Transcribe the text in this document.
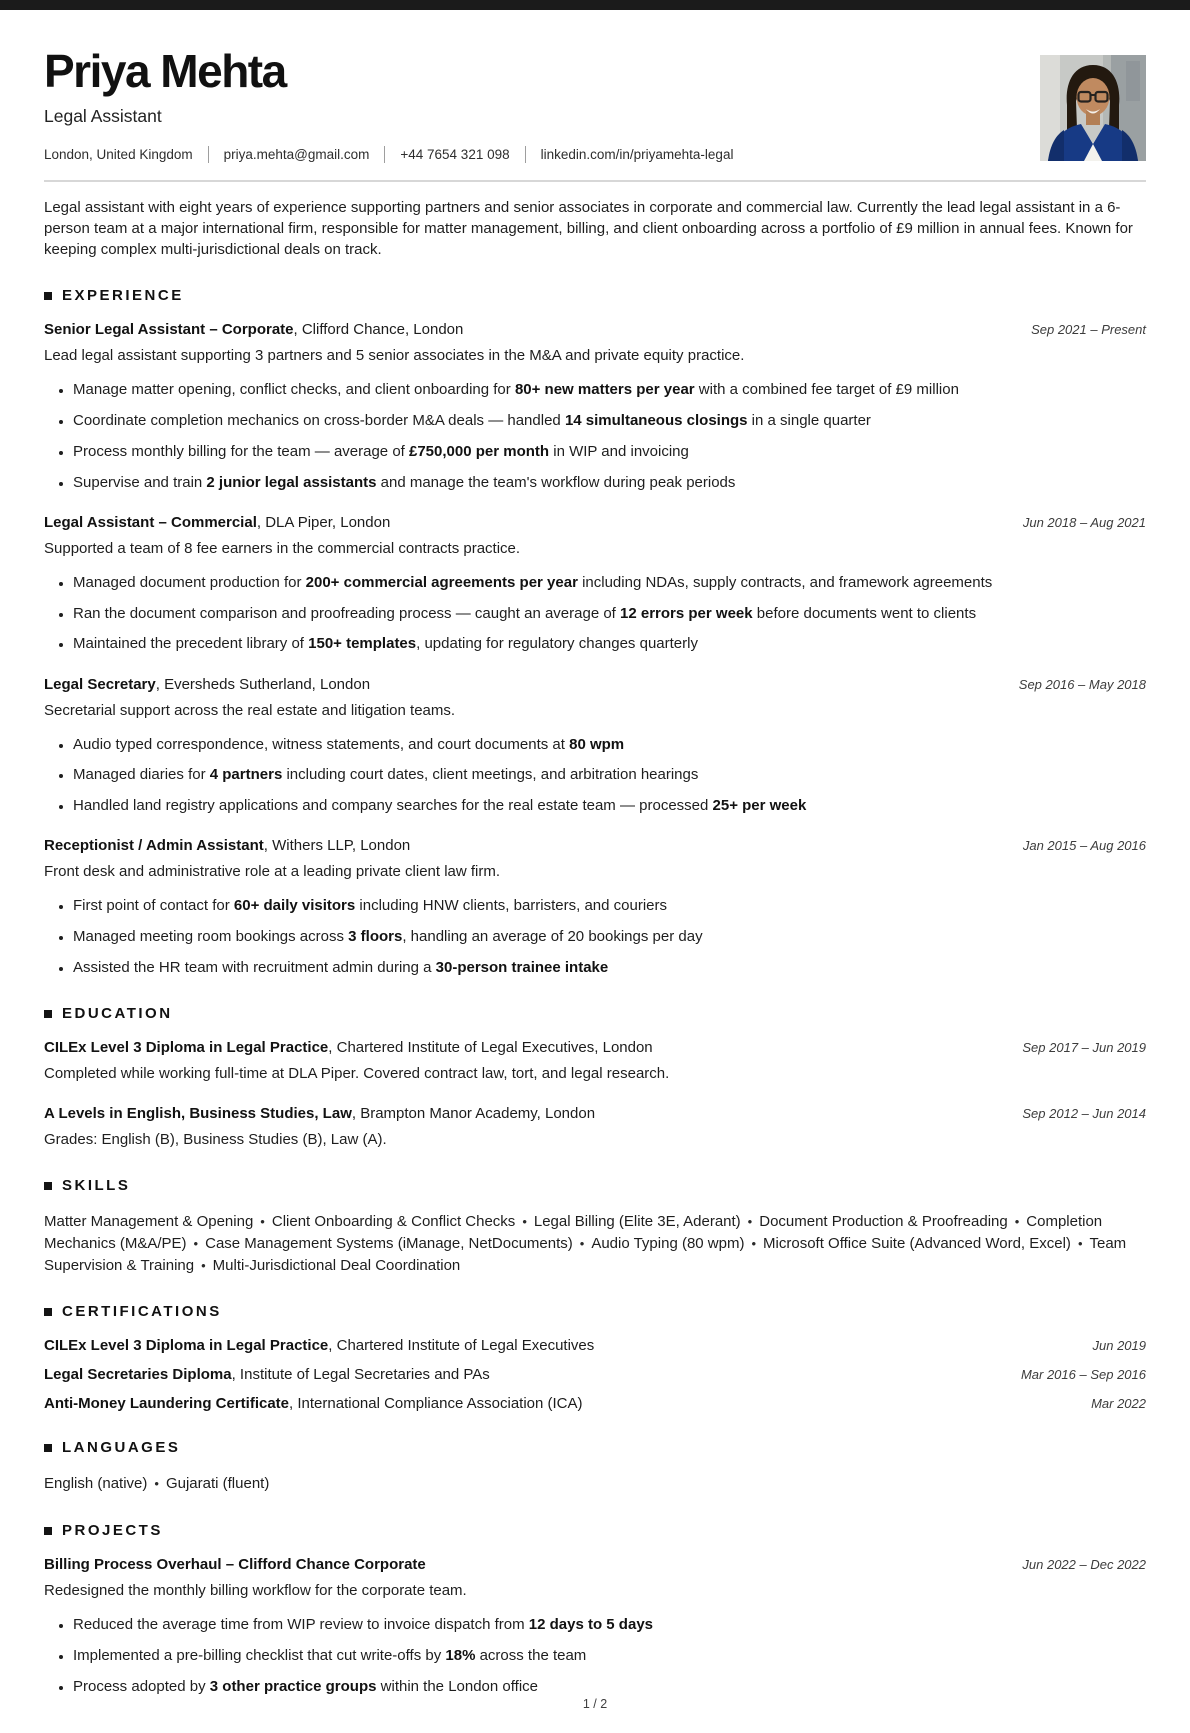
Priya Mehta
Legal Assistant
London, United Kingdom priya.mehta@gmail.com +44 7654 321 098 linkedin.com/in/priyamehta-legal

Legal assistant with eight years of experience supporting partners and senior associates in corporate and commercial law. Currently the lead legal assistant in a 6-person team at a major international firm, responsible for matter management, billing, and client onboarding across a portfolio of £9 million in annual fees. Known for keeping complex multi-jurisdictional deals on track.

EXPERIENCE
Senior Legal Assistant – Corporate, Clifford Chance, London	Sep 2021 – Present

Lead legal assistant supporting 3 partners and 5 senior associates in the M&A and private equity practice.

• Manage matter opening, conflict checks, and client onboarding for 80+ new matters per year with a combined fee target of £9 million
• Coordinate completion mechanics on cross-border M&A deals — handled 14 simultaneous closings in a single quarter
• Process monthly billing for the team — average of £750,000 per month in WIP and invoicing
• Supervise and train 2 junior legal assistants and manage the team's workflow during peak periods
Legal Assistant – Commercial, DLA Piper, London	Jun 2018 – Aug 2021

Supported a team of 8 fee earners in the commercial contracts practice.

• Managed document production for 200+ commercial agreements per year including NDAs, supply contracts, and framework agreements
• Ran the document comparison and proofreading process — caught an average of 12 errors per week before documents went to clients
• Maintained the precedent library of 150+ templates, updating for regulatory changes quarterly
Legal Secretary, Eversheds Sutherland, London	Sep 2016 – May 2018

Secretarial support across the real estate and litigation teams.

• Audio typed correspondence, witness statements, and court documents at 80 wpm
• Managed diaries for 4 partners including court dates, client meetings, and arbitration hearings
• Handled land registry applications and company searches for the real estate team — processed 25+ per week
Receptionist / Admin Assistant, Withers LLP, London	Jan 2015 – Aug 2016

Front desk and administrative role at a leading private client law firm.

• First point of contact for 60+ daily visitors including HNW clients, barristers, and couriers
• Managed meeting room bookings across 3 floors, handling an average of 20 bookings per day
• Assisted the HR team with recruitment admin during a 30-person trainee intake
EDUCATION
CILEx Level 3 Diploma in Legal Practice, Chartered Institute of Legal Executives, London	Sep 2017 – Jun 2019

Completed while working full-time at DLA Piper. Covered contract law, tort, and legal research.

A Levels in English, Business Studies, Law, Brampton Manor Academy, London	Sep 2012 – Jun 2014

Grades: English (B), Business Studies (B), Law (A).

SKILLS

Matter Management & Opening • Client Onboarding & Conflict Checks • Legal Billing (Elite 3E, Aderant) • Document Production & Proofreading • Completion Mechanics (M&A/PE) • Case Management Systems (iManage, NetDocuments) • Audio Typing (80 wpm) • Microsoft Office Suite (Advanced Word, Excel) • Team Supervision & Training • Multi-Jurisdictional Deal Coordination

CERTIFICATIONS
CILEx Level 3 Diploma in Legal Practice, Chartered Institute of Legal Executives	Jun 2019
Legal Secretaries Diploma, Institute of Legal Secretaries and PAs	Mar 2016 – Sep 2016
Anti-Money Laundering Certificate, International Compliance Association (ICA)	Mar 2022
LANGUAGES

English (native) • Gujarati (fluent)

PROJECTS
Billing Process Overhaul – Clifford Chance Corporate	Jun 2022 – Dec 2022

Redesigned the monthly billing workflow for the corporate team.

• Reduced the average time from WIP review to invoice dispatch from 12 days to 5 days
• Implemented a pre-billing checklist that cut write-offs by 18% across the team
• Process adopted by 3 other practice groups within the London office
1 / 2
